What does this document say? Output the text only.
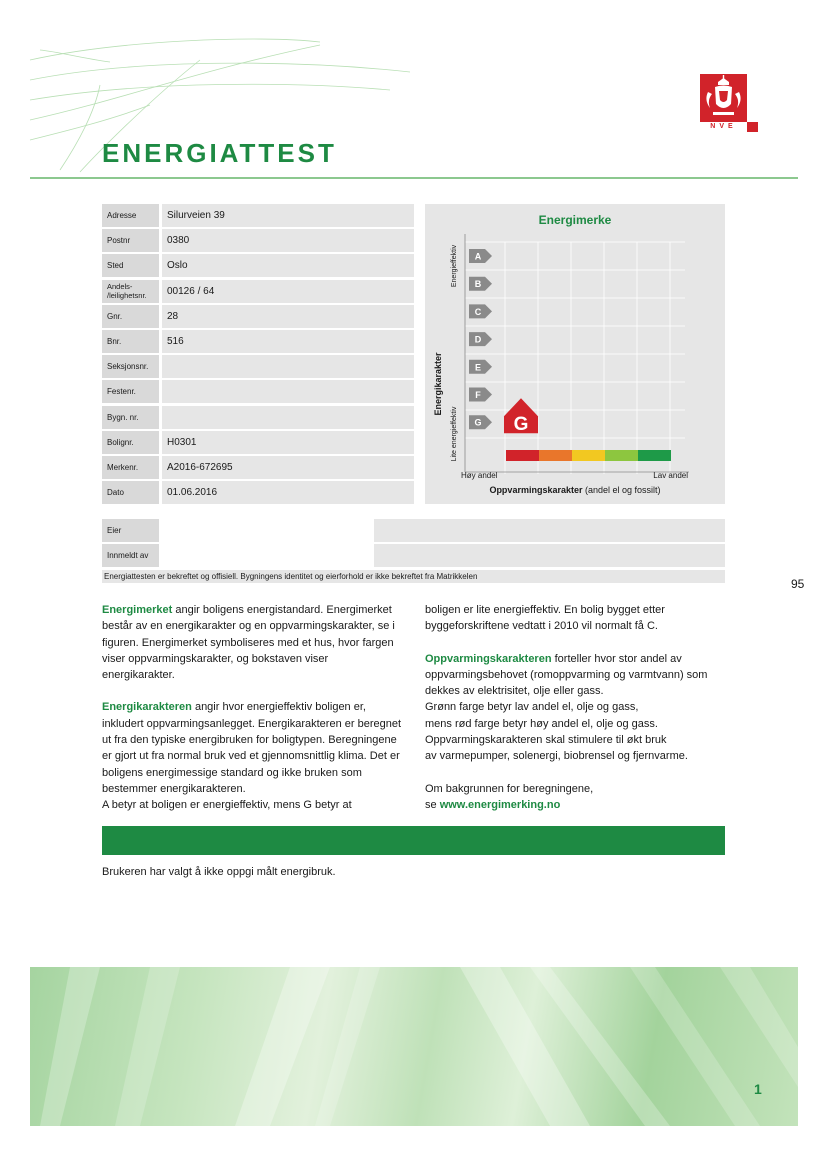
ENERGIATTEST
NVE
Adresse	Silurveien 39
Postnr	0380
Sted	Oslo
Andels-
/leilighetsnr.	00126 / 64
Gnr.	28
Bnr.	516
Seksjonsnr.
Festenr.
Bygn. nr.
Bolignr.	H0301
Merkenr.	A2016-672695
Dato	01.06.2016
Energimerke
Energikarakter
Energieffektiv
Lite energieffektiv
A
B
C
D
E
F
G G
Høy andel	Lav andel
Oppvarmingskarakter (andel el og fossilt)
Eier
Innmeldt av
Energiattesten er bekreftet og offisiell. Bygningens identitet og eierforhold er ikke bekreftet fra Matrikkelen
95

Energimerket angir boligens energistandard. Energimerket består av en energikarakter og en oppvarmingskarakter, se i figuren. Energimerket symboliseres med et hus, hvor fargen viser oppvarmingskarakter, og bokstaven viser energikarakter.

Energikarakteren angir hvor energieffektiv boligen er, inkludert oppvarmingsanlegget. Energikarakteren er beregnet ut fra den typiske energibruken for boligtypen. Beregningene er gjort ut fra normal bruk ved et gjennomsnittlig klima. Det er boligens energimessige standard og ikke bruken som bestemmer energikarakteren.
A betyr at boligen er energieffektiv, mens G betyr at

boligen er lite energieffektiv. En bolig bygget etter byggeforskriftene vedtatt i 2010 vil normalt få C.

Oppvarmingskarakteren forteller hvor stor andel av oppvarmingsbehovet (romoppvarming og varmtvann) som dekkes av elektrisitet, olje eller gass.
Grønn farge betyr lav andel el, olje og gass,
mens rød farge betyr høy andel el, olje og gass.
Oppvarmingskarakteren skal stimulere til økt bruk
av varmepumper, solenergi, biobrensel og fjernvarme.

Om bakgrunnen for beregningene,
se www.energimerking.no

Brukeren har valgt å ikke oppgi målt energibruk.
1
